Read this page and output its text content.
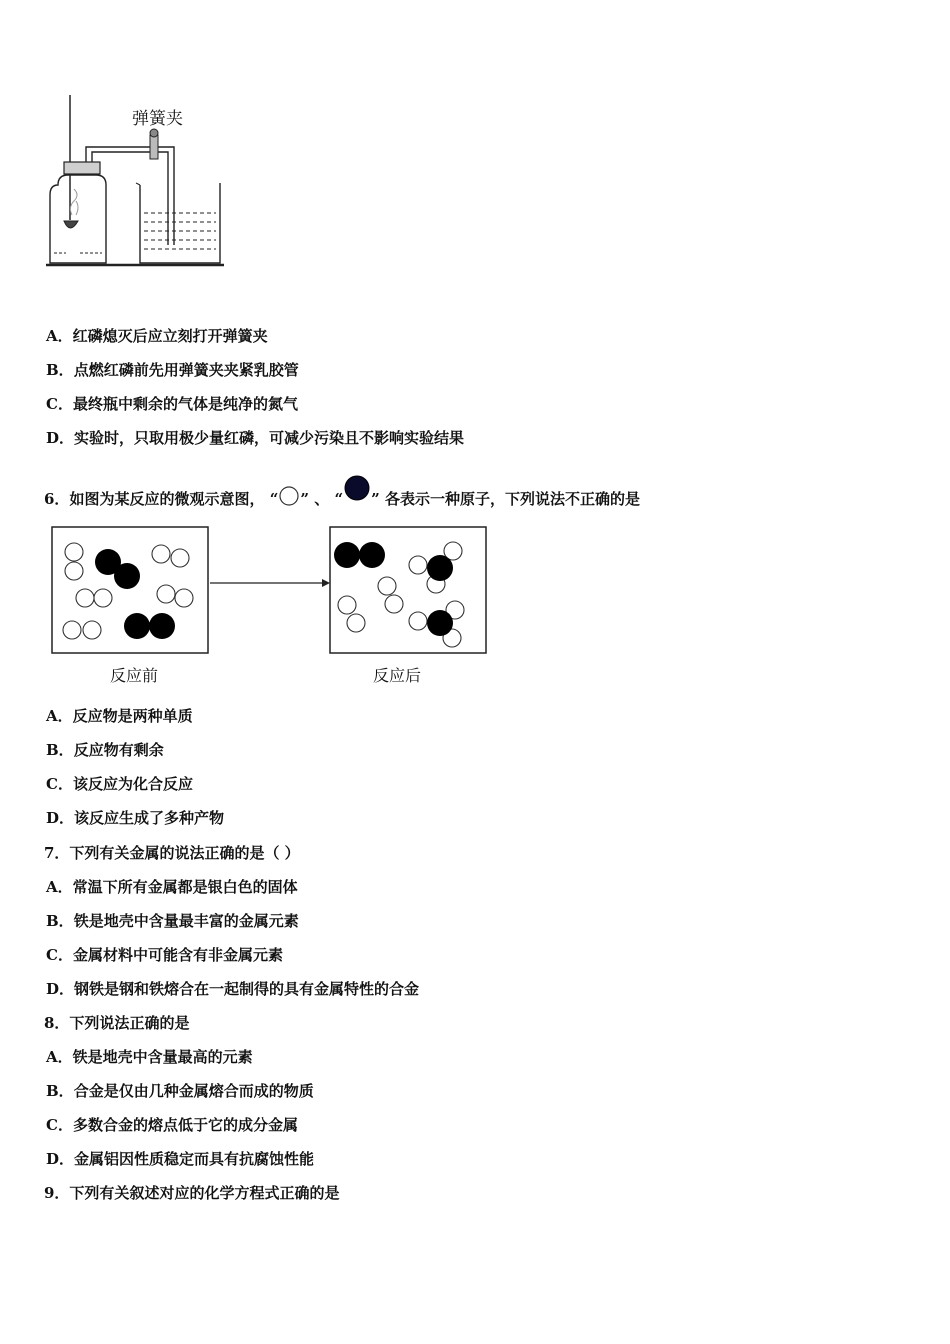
弹簧夹
A．红磷熄灭后应立刻打开弹簧夹
B．点燃红磷前先用弹簧夹夹紧乳胶管
C．最终瓶中剩余的气体是纯净的氮气
D．实验时，只取用极少量红磷，可减少污染且不影响实验结果
6．如图为某反应的微观示意图， “ ” 、 “ ” 各表示一种原子，下列说法不正确的是
反应前	反应后
A．反应物是两种单质
B．反应物有剩余
C．该反应为化合反应
D．该反应生成了多种产物
7．下列有关金属的说法正确的是（ ）
A．常温下所有金属都是银白色的固体
B．铁是地壳中含量最丰富的金属元素
C．金属材料中可能含有非金属元素
D．钢铁是钢和铁熔合在一起制得的具有金属特性的合金
8．下列说法正确的是
A．铁是地壳中含量最高的元素
B．合金是仅由几种金属熔合而成的物质
C．多数合金的熔点低于它的成分金属
D．金属铝因性质稳定而具有抗腐蚀性能
9．下列有关叙述对应的化学方程式正确的是
